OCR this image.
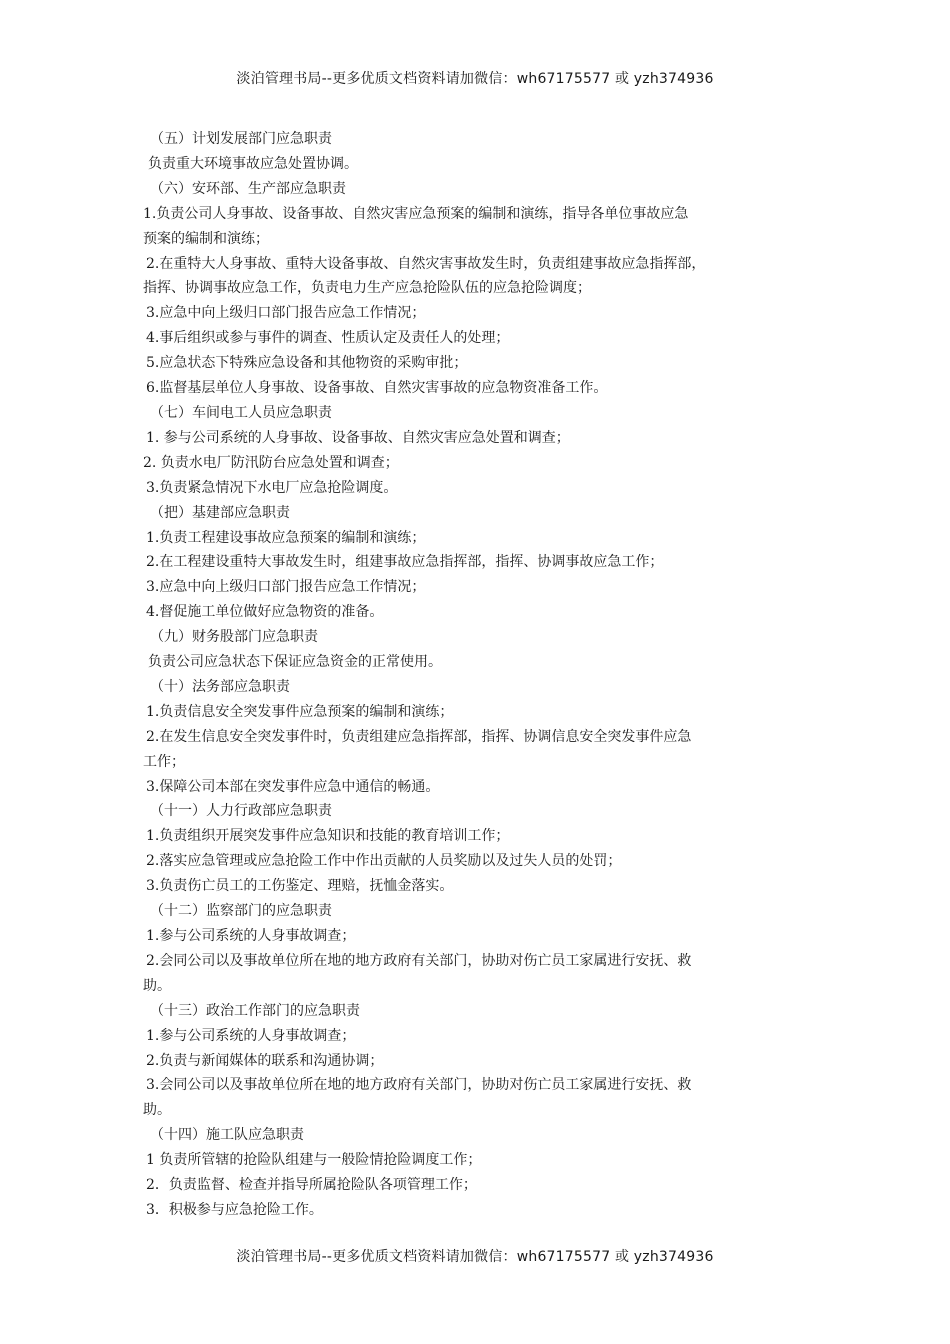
淡泊管理书局--更多优质文档资料请加微信：wh67175577 或 yzh374936
（五）计划发展部门应急职责
负责重大环境事故应急处置协调。
（六）安环部、生产部应急职责
1.负责公司人身事故、设备事故、自然灾害应急预案的编制和演练，指导各单位事故应急
预案的编制和演练；
2.在重特大人身事故、重特大设备事故、自然灾害事故发生时，负责组建事故应急指挥部，
指挥、协调事故应急工作，负责电力生产应急抢险队伍的应急抢险调度；
3.应急中向上级归口部门报告应急工作情况；
4.事后组织或参与事件的调查、性质认定及责任人的处理；
5.应急状态下特殊应急设备和其他物资的采购审批；
6.监督基层单位人身事故、设备事故、自然灾害事故的应急物资准备工作。
（七）车间电工人员应急职责
1. 参与公司系统的人身事故、设备事故、自然灾害应急处置和调查；
2. 负责水电厂防汛防台应急处置和调查；
3.负责紧急情况下水电厂应急抢险调度。
（把）基建部应急职责
1.负责工程建设事故应急预案的编制和演练；
2.在工程建设重特大事故发生时，组建事故应急指挥部，指挥、协调事故应急工作；
3.应急中向上级归口部门报告应急工作情况；
4.督促施工单位做好应急物资的准备。
（九）财务股部门应急职责
负责公司应急状态下保证应急资金的正常使用。
（十）法务部应急职责
1.负责信息安全突发事件应急预案的编制和演练；
2.在发生信息安全突发事件时，负责组建应急指挥部，指挥、协调信息安全突发事件应急
工作；
3.保障公司本部在突发事件应急中通信的畅通。
（十一）人力行政部应急职责
1.负责组织开展突发事件应急知识和技能的教育培训工作；
2.落实应急管理或应急抢险工作中作出贡献的人员奖励以及过失人员的处罚；
3.负责伤亡员工的工伤鉴定、理赔，抚恤金落实。
（十二）监察部门的应急职责
1.参与公司系统的人身事故调查；
2.会同公司以及事故单位所在地的地方政府有关部门，协助对伤亡员工家属进行安抚、救
助。
（十三）政治工作部门的应急职责
1.参与公司系统的人身事故调查；
2.负责与新闻媒体的联系和沟通协调；
3.会同公司以及事故单位所在地的地方政府有关部门，协助对伤亡员工家属进行安抚、救
助。
（十四）施工队应急职责
1 负责所管辖的抢险队组建与一般险情抢险调度工作；
2．负责监督、检查并指导所属抢险队各项管理工作；
3．积极参与应急抢险工作。
淡泊管理书局--更多优质文档资料请加微信：wh67175577 或 yzh374936
